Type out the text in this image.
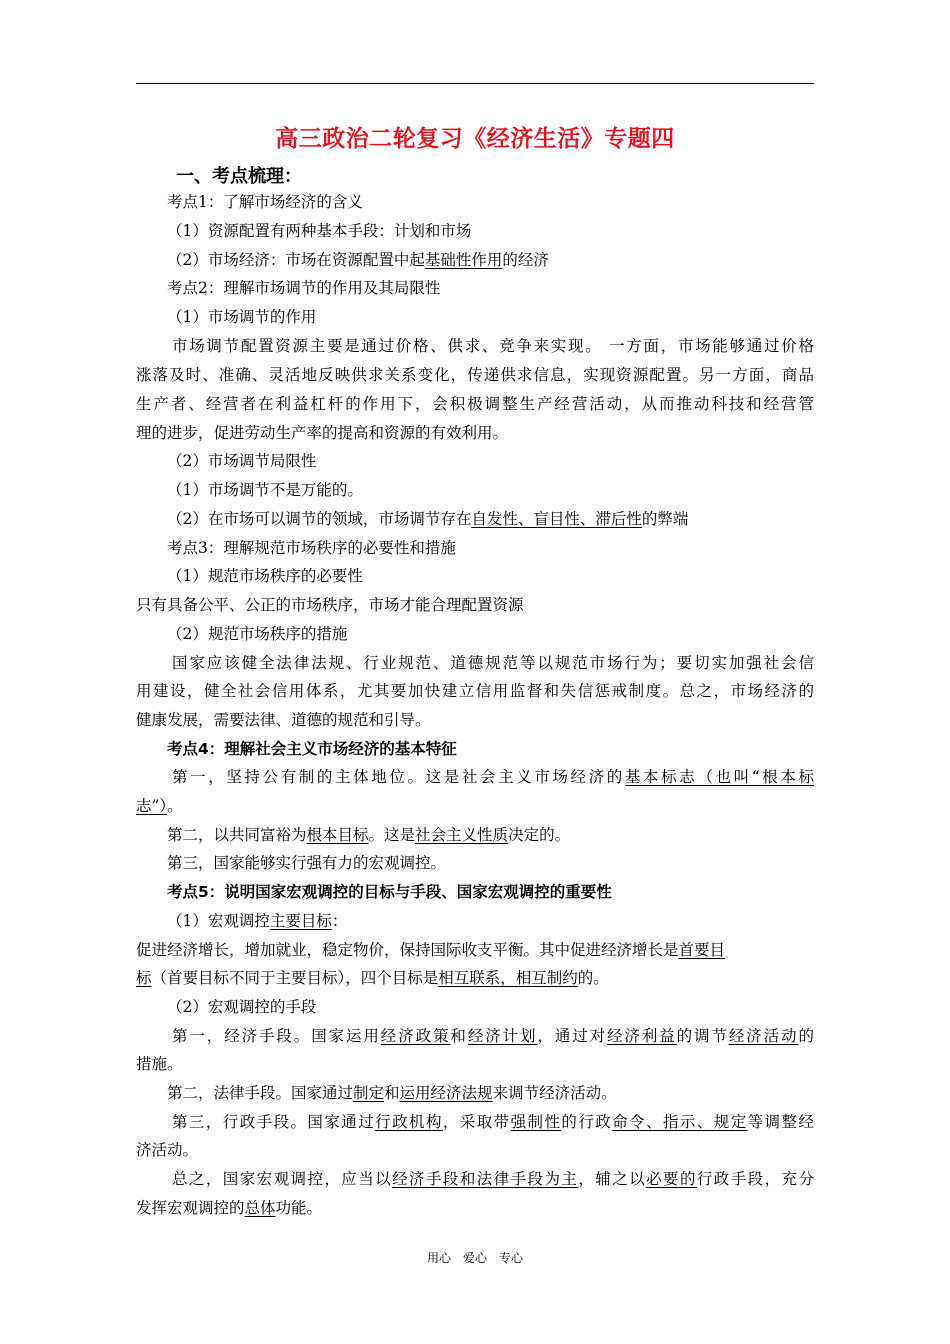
高三政治二轮复习《经济生活》专题四
一、考点梳理：
考点1：了解市场经济的含义
（1）资源配置有两种基本手段：计划和市场
（2）市场经济：市场在资源配置中起基础性作用的经济
考点2：理解市场调节的作用及其局限性
（1）市场调节的作用
市场调节配置资源主要是通过价格、供求、竞争来实现。 一方面，市场能够通过价格
涨落及时、准确、灵活地反映供求关系变化，传递供求信息，实现资源配置。另一方面，商品
生产者、经营者在利益杠杆的作用下，会积极调整生产经营活动，从而推动科技和经营管
理的进步，促进劳动生产率的提高和资源的有效利用。
（2）市场调节局限性
（1）市场调节不是万能的。
（2）在市场可以调节的领域，市场调节存在自发性、盲目性、滞后性的弊端
考点3：理解规范市场秩序的必要性和措施
（1）规范市场秩序的必要性
只有具备公平、公正的市场秩序，市场才能合理配置资源
（2）规范市场秩序的措施
国家应该健全法律法规、行业规范、道德规范等以规范市场行为；要切实加强社会信
用建设，健全社会信用体系，尤其要加快建立信用监督和失信惩戒制度。总之，市场经济的
健康发展，需要法律、道德的规范和引导。
考点4：理解社会主义市场经济的基本特征
第一，坚持公有制的主体地位。这是社会主义市场经济的基本标志（也叫“根本标
志”）。
第二，以共同富裕为根本目标。这是社会主义性质决定的。
第三，国家能够实行强有力的宏观调控。
考点5：说明国家宏观调控的目标与手段、国家宏观调控的重要性
（1）宏观调控主要目标：
促进经济增长，增加就业，稳定物价，保持国际收支平衡。其中促进经济增长是首要目
标（首要目标不同于主要目标），四个目标是相互联系，相互制约的。
（2）宏观调控的手段
第一，经济手段。国家运用经济政策和经济计划，通过对经济利益的调节经济活动的
措施。
第二，法律手段。国家通过制定和运用经济法规来调节经济活动。
第三，行政手段。国家通过行政机构，采取带强制性的行政命令、指示、规定等调整经
济活动。
总之，国家宏观调控，应当以经济手段和法律手段为主，辅之以必要的行政手段，充分
发挥宏观调控的总体功能。
用心　爱心　专心
